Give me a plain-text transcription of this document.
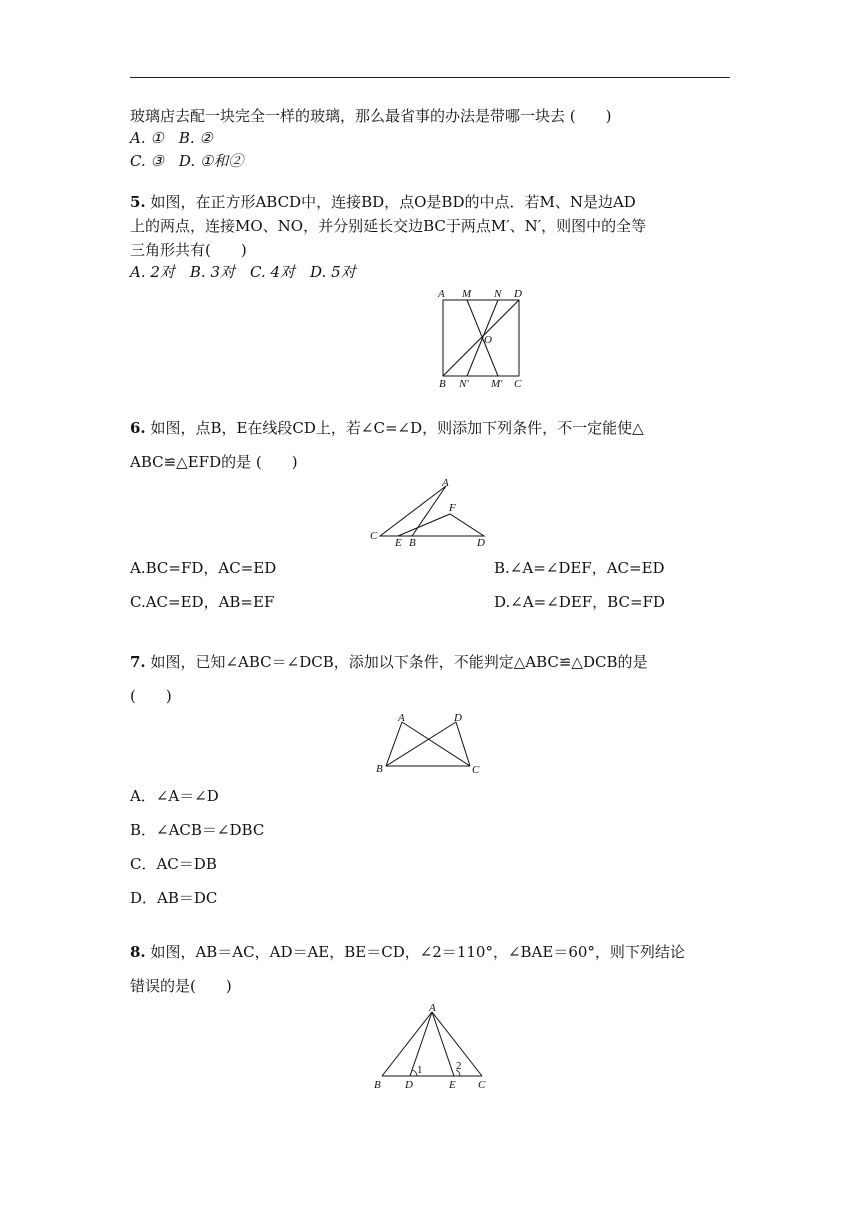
玻璃店去配一块完全一样的玻璃，那么最省事的办法是带哪一块去 (　　)
A. ①　B. ②
C. ③　D. ①和②
5. 如图，在正方形ABCD中，连接BD，点O是BD的中点．若M、N是边AD
上的两点，连接MO、NO，并分别延长交边BC于两点M′、N′，则图中的全等
三角形共有(　　)
A. 2对　B. 3对　C. 4对　D. 5对
A M N D
O
B N′ M′ C
6. 如图，点B，E在线段CD上，若∠C=∠D，则添加下列条件，不一定能使△
ABC≌△EFD的是 (　　)
A
F
C
E B	D
A.BC=FD，AC=ED	B.∠A=∠DEF，AC=ED
C.AC=ED，AB=EF	D.∠A=∠DEF，BC=FD
7. 如图，已知∠ABC＝∠DCB，添加以下条件，不能判定△ABC≌△DCB的是
(　　)
A	D
B	C
A．∠A＝∠D
B．∠ACB＝∠DBC
C．AC＝DB
D．AB＝DC
8. 如图，AB＝AC，AD＝AE，BE＝CD，∠2＝110°，∠BAE＝60°，则下列结论
错误的是(　　)
A
B D	E C
1	2
